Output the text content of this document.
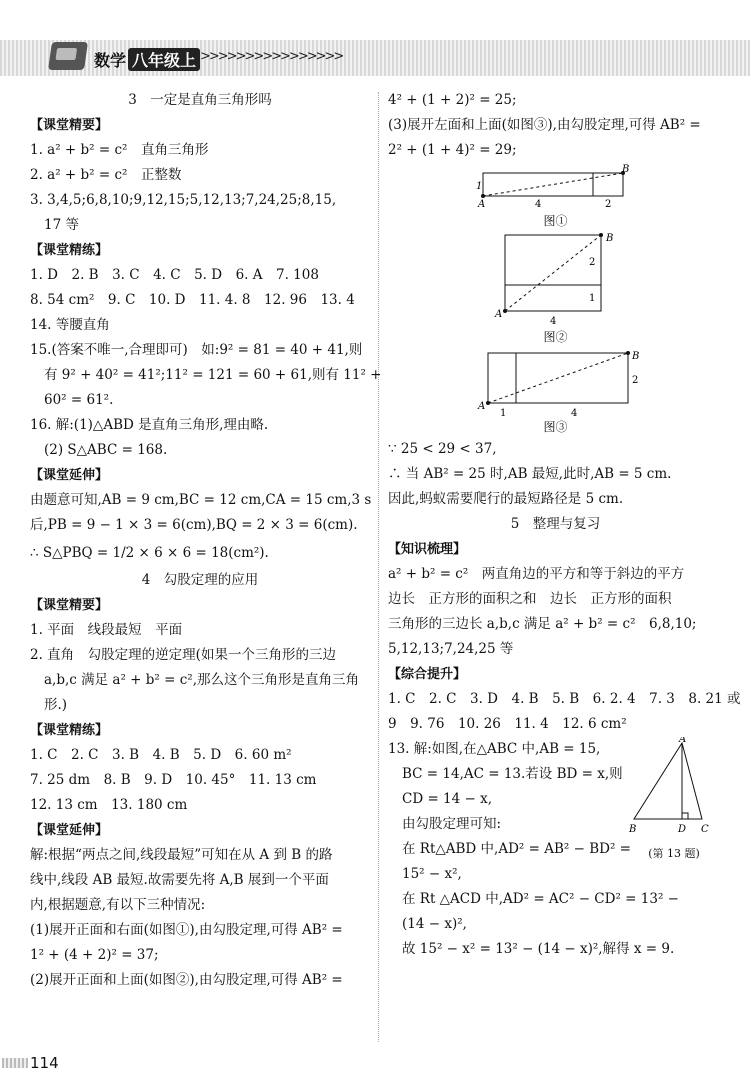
数学 八年级上 >>>>>>>>>>>>>>>>
3　一定是直角三角形吗
【课堂精要】
1. a² + b² = c²　直角三角形
2. a² + b² = c²　正整数
3. 3,4,5;6,8,10;9,12,15;5,12,13;7,24,25;8,15,
17 等
【课堂精练】
1. D　2. B　3. C　4. C　5. D　6. A　7. 108
8. 54 cm²　9. C　10. D　11. 4. 8　12. 96　13. 4
14. 等腰直角
15.(答案不唯一,合理即可)　如:9² = 81 = 40 + 41,则
有 9² + 40² = 41²;11² = 121 = 60 + 61,则有 11² +
60² = 61².
16. 解:(1)△ABD 是直角三角形,理由略.
(2) S△ABC = 168.
【课堂延伸】
由题意可知,AB = 9 cm,BC = 12 cm,CA = 15 cm,3 s
后,PB = 9 − 1 × 3 = 6(cm),BQ = 2 × 3 = 6(cm).
∴ S△PBQ = 1/2 × 6 × 6 = 18(cm²).
4　勾股定理的应用
【课堂精要】
1. 平面　线段最短　平面
2. 直角　勾股定理的逆定理(如果一个三角形的三边
a,b,c 满足 a² + b² = c²,那么这个三角形是直角三角
形.)
【课堂精练】
1. C　2. C　3. B　4. B　5. D　6. 60 m²
7. 25 dm　8. B　9. D　10. 45°　11. 13 cm
12. 13 cm　13. 180 cm
【课堂延伸】
解:根据“两点之间,线段最短”可知在从 A 到 B 的路
线中,线段 AB 最短.故需要先将 A,B 展到一个平面
内,根据题意,有以下三种情况:
(1)展开正面和右面(如图①),由勾股定理,可得 AB² =
1² + (4 + 2)² = 37;
(2)展开正面和上面(如图②),由勾股定理,可得 AB² =
4² + (1 + 2)² = 25;
(3)展开左面和上面(如图③),由勾股定理,可得 AB² =
2² + (1 + 4)² = 29;
1
A
B
4	2
图①
B
A
2
1
4
图②
B
A
2
1	4
图③
∵ 25 < 29 < 37,
∴ 当 AB² = 25 时,AB 最短,此时,AB = 5 cm.
因此,蚂蚁需要爬行的最短路径是 5 cm.
5　整理与复习
【知识梳理】
a² + b² = c²　两直角边的平方和等于斜边的平方
边长　正方形的面积之和　边长　正方形的面积
三角形的三边长 a,b,c 满足 a² + b² = c²　6,8,10;
5,12,13;7,24,25 等
【综合提升】
1. C　2. C　3. D　4. B　5. B　6. 2. 4　7. 3　8. 21 或
9　9. 76　10. 26　11. 4　12. 6 cm²
13. 解:如图,在△ABC 中,AB = 15,
BC = 14,AC = 13.若设 BD = x,则
CD = 14 − x,
由勾股定理可知:
在 Rt△ABD 中,AD² = AB² − BD² =
15² − x²,
在 Rt △ACD 中,AD² = AC² − CD² = 13² −
(14 − x)²,
故 15² − x² = 13² − (14 − x)²,解得 x = 9.
A
B	D C
(第 13 题)
114
